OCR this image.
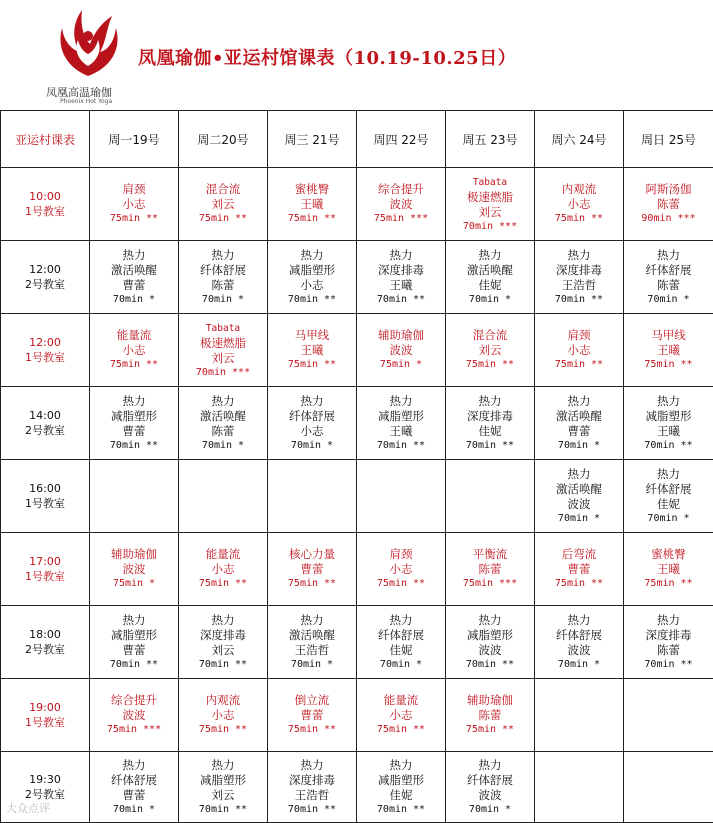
凤凰高温瑜伽
Phoenix Hot Yoga
凤凰瑜伽•亚运村馆课表（10.19-10.25日）
亚运村课表	周一19号	周二20号	周三 21号	周四 22号	周五 23号	周六 24号	周日 25号

10:00
1号教室	肩颈
小志
75min **	混合流
刘云
75min **	蜜桃臀
王曦
75min **	综合提升
波波
75min ***	Tabata
极速燃脂
刘云
70min ***	内观流
小志
75min **	阿斯汤伽
陈蕾
90min ***

12:00
2号教室	热力
激活唤醒
曹蕾
70min *	热力
纤体舒展
陈蕾
70min *	热力
减脂塑形
小志
70min **	热力
深度排毒
王曦
70min **	热力
激活唤醒
佳妮
70min *	热力
深度排毒
王浩哲
70min **	热力
纤体舒展
陈蕾
70min *

12:00
1号教室	能量流
小志
75min **	Tabata
极速燃脂
刘云
70min ***	马甲线
王曦
75min **	辅助瑜伽
波波
75min *	混合流
刘云
75min **	肩颈
小志
75min **	马甲线
王曦
75min **

14:00
2号教室	热力
减脂塑形
曹蕾
70min **	热力
激活唤醒
陈蕾
70min *	热力
纤体舒展
小志
70min *	热力
减脂塑形
王曦
70min **	热力
深度排毒
佳妮
70min **	热力
激活唤醒
曹蕾
70min *	热力
减脂塑形
王曦
70min **

16:00
1号教室						热力
激活唤醒
波波
70min *	热力
纤体舒展
佳妮
70min *

17:00
1号教室	辅助瑜伽
波波
75min *	能量流
小志
75min **	核心力量
曹蕾
75min **	肩颈
小志
75min **	平衡流
陈蕾
75min ***	后弯流
曹蕾
75min **	蜜桃臀
王曦
75min **

18:00
2号教室	热力
减脂塑形
曹蕾
70min **	热力
深度排毒
刘云
70min **	热力
激活唤醒
王浩哲
70min *	热力
纤体舒展
佳妮
70min *	热力
减脂塑形
波波
70min **	热力
纤体舒展
波波
70min *	热力
深度排毒
陈蕾
70min **

19:00
1号教室	综合提升
波波
75min ***	内观流
小志
75min **	倒立流
曹蕾
75min **	能量流
小志
75min **	辅助瑜伽
陈蕾
75min **		

19:30
2号教室	热力
纤体舒展
曹蕾
70min *	热力
减脂塑形
刘云
70min **	热力
深度排毒
王浩哲
70min **	热力
减脂塑形
佳妮
70min **	热力
纤体舒展
波波
70min *		

大众点评
